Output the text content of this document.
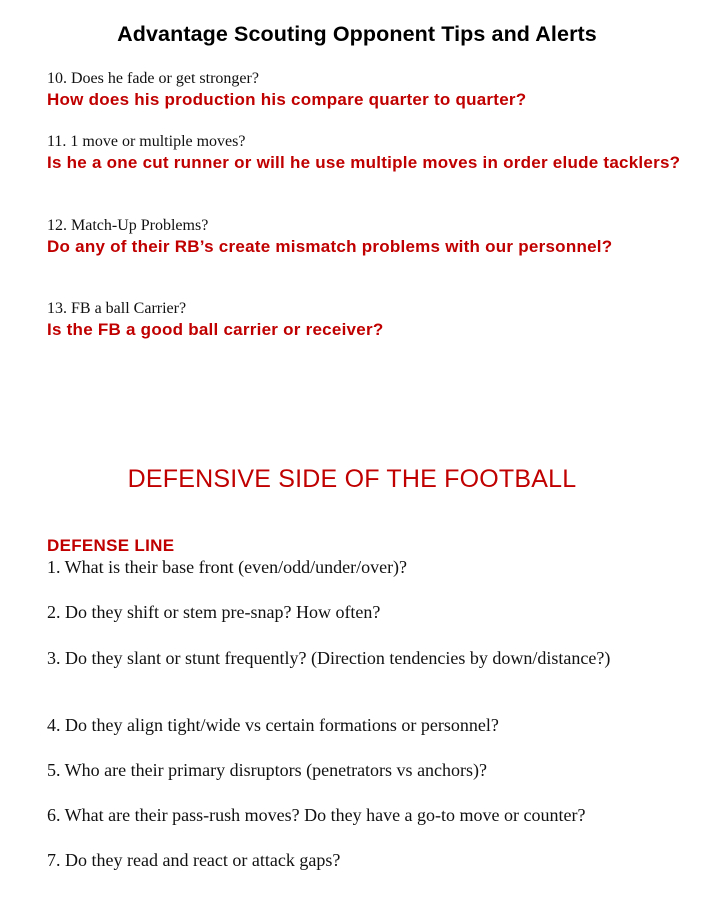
Advantage Scouting Opponent Tips and Alerts

10. Does he fade or get stronger?

How does his production his compare quarter to quarter?

11. 1 move or multiple moves?

Is he a one cut runner or will he use multiple moves in order elude tacklers?

12. Match-Up Problems?

Do any of their RB’s create mismatch problems with our personnel?

13. FB a ball Carrier?

Is the FB a good ball carrier or receiver?

DEFENSIVE SIDE OF THE FOOTBALL
DEFENSE LINE

1. What is their base front (even/odd/under/over)?

2. Do they shift or stem pre-snap? How often?

3. Do they slant or stunt frequently? (Direction tendencies by down/distance?)

4. Do they align tight/wide vs certain formations or personnel?

5. Who are their primary disruptors (penetrators vs anchors)?

6. What are their pass-rush moves? Do they have a go-to move or counter?

7. Do they read and react or attack gaps?
